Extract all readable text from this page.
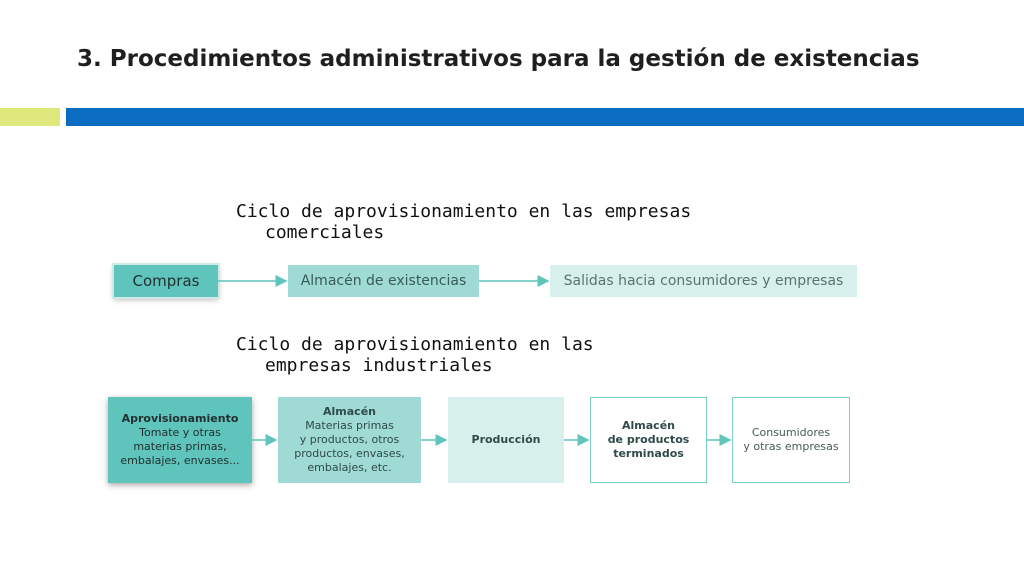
3. Procedimientos administrativos para la gestión de existencias
Ciclo de aprovisionamiento en las empresas
comerciales
Compras	Almacén de existencias	Salidas hacia consumidores y empresas
Ciclo de aprovisionamiento en las
empresas industriales
Aprovisionamiento
Tomate y otras
materias primas,
embalajes, envases...
Almacén
Materias primas
y productos, otros
productos, envases,
embalajes, etc.
Producción
Almacén
de productos
terminados
Consumidores
y otras empresas
